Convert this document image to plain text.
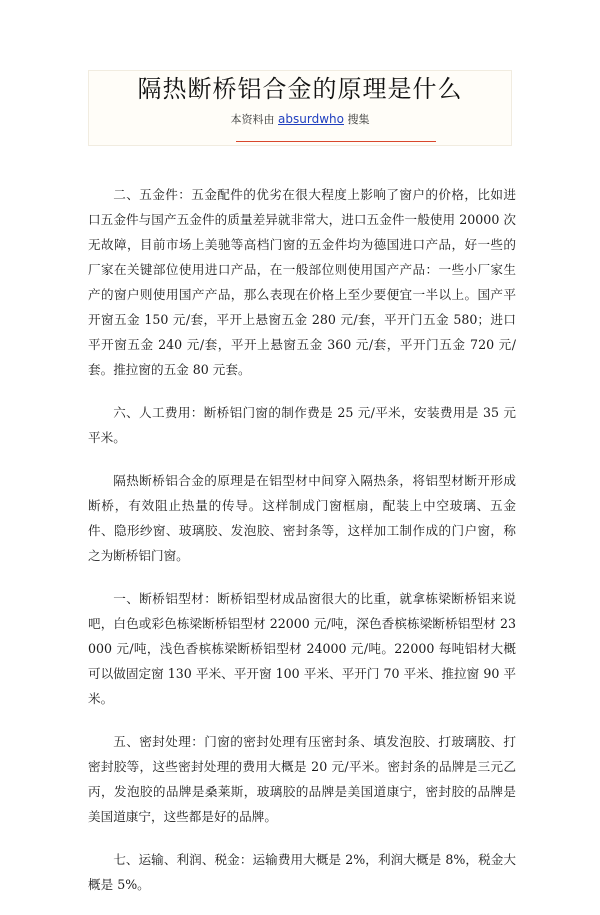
隔热断桥铝合金的原理是什么
本资料由 absurdwho 搜集

二、五金件：五金配件的优劣在很大程度上影响了窗户的价格，比如进口五金件与国产五金件的质量差异就非常大，进口五金件一般使用 20000 次无故障，目前市场上美驰等高档门窗的五金件均为德国进口产品，好一些的厂家在关键部位使用进口产品，在一般部位则使用国产产品：一些小厂家生产的窗户则使用国产产品，那么表现在价格上至少要便宜一半以上。国产平开窗五金 150 元/套，平开上悬窗五金 280 元/套，平开门五金 580；进口平开窗五金 240 元/套，平开上悬窗五金 360 元/套，平开门五金 720 元/套。推拉窗的五金 80 元套。

六、人工费用：断桥铝门窗的制作费是 25 元/平米，安装费用是 35 元平米。

隔热断桥铝合金的原理是在铝型材中间穿入隔热条，将铝型材断开形成断桥，有效阻止热量的传导。这样制成门窗框扇，配装上中空玻璃、五金件、隐形纱窗、玻璃胶、发泡胶、密封条等，这样加工制作成的门户窗，称之为断桥铝门窗。

一、断桥铝型材：断桥铝型材成品窗很大的比重，就拿栋梁断桥铝来说吧，白色或彩色栋梁断桥铝型材 22000 元/吨，深色香槟栋梁断桥铝型材 23000 元/吨，浅色香槟栋梁断桥铝型材 24000 元/吨。22000 每吨铝材大概可以做固定窗 130 平米、平开窗 100 平米、平开门 70 平米、推拉窗 90 平米。

五、密封处理：门窗的密封处理有压密封条、填发泡胶、打玻璃胶、打密封胶等，这些密封处理的费用大概是 20 元/平米。密封条的品牌是三元乙丙，发泡胶的品牌是桑莱斯，玻璃胶的品牌是美国道康宁，密封胶的品牌是美国道康宁，这些都是好的品牌。

七、运输、利润、税金：运输费用大概是 2%，利润大概是 8%，税金大概是 5%。
